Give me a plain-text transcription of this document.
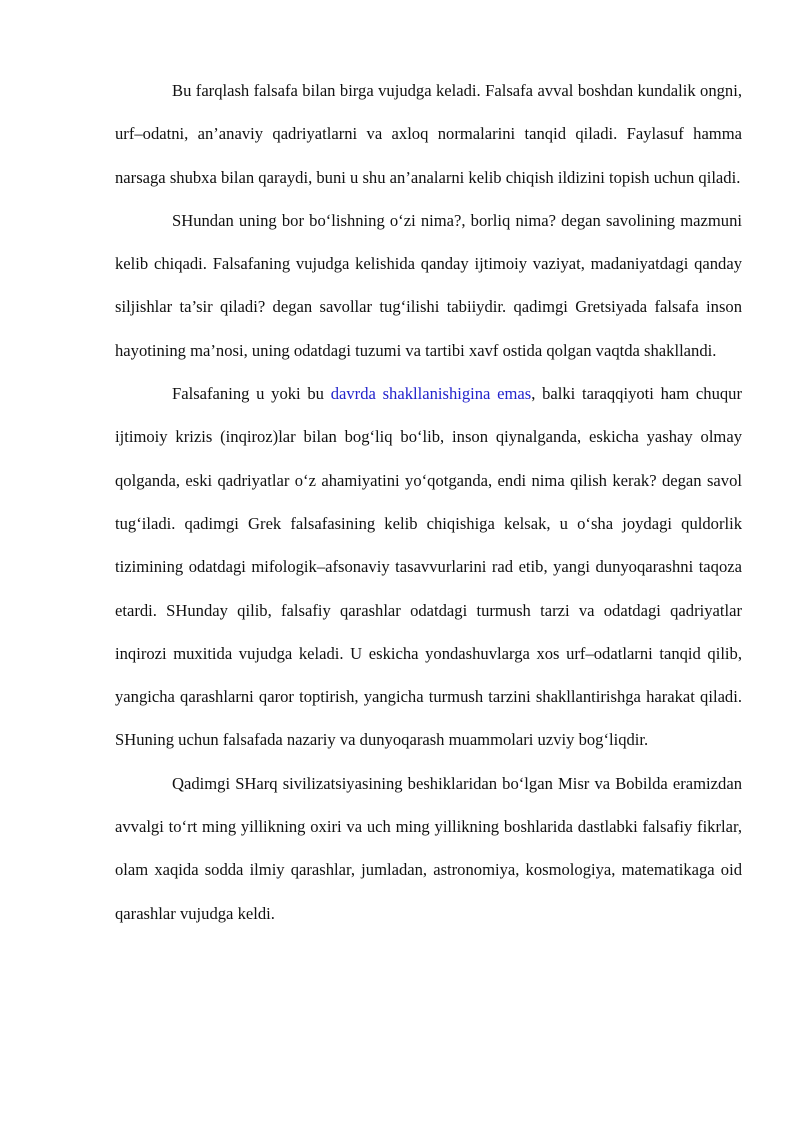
Bu farqlash falsafa bilan birga vujudga keladi. Falsafa avval boshdan kundalik ongni, urf–odatni, an’anaviy qadriyatlarni va axloq normalarini tanqid qiladi. Faylasuf hamma narsaga shubxa bilan qaraydi, buni u shu an’analarni kelib chiqish ildizini topish uchun qiladi.

SHundan uning bor bo‘lishning o‘zi nima?, borliq nima? degan savolining mazmuni kelib chiqadi. Falsafaning vujudga kelishida qanday ijtimoiy vaziyat, madaniyatdagi qanday siljishlar ta’sir qiladi? degan savollar tug‘ilishi tabiiydir. qadimgi Gretsiyada falsafa inson hayotining ma’nosi, uning odatdagi tuzumi va tartibi xavf ostida qolgan vaqtda shakllandi.

Falsafaning u yoki bu davrda shakllanishigina emas, balki taraqqiyoti ham chuqur ijtimoiy krizis (inqiroz)lar bilan bog‘liq bo‘lib, inson qiynalganda, eskicha yashay olmay qolganda, eski qadriyatlar o‘z ahamiyatini yo‘qotganda, endi nima qilish kerak? degan savol tug‘iladi. qadimgi Grek falsafasining kelib chiqishiga kelsak, u o‘sha joydagi quldorlik tizimining odatdagi mifologik–afsonaviy tasavvurlarini rad etib, yangi dunyoqarashni taqoza etardi. SHunday qilib, falsafiy qarashlar odatdagi turmush tarzi va odatdagi qadriyatlar inqirozi muxitida vujudga keladi. U eskicha yondashuvlarga xos urf–odatlarni tanqid qilib, yangicha qarashlarni qaror toptirish, yangicha turmush tarzini shakllantirishga harakat qiladi. SHuning uchun falsafada nazariy va dunyoqarash muammolari uzviy bog‘liqdir.

Qadimgi SHarq sivilizatsiyasining beshiklaridan bo‘lgan Misr va Bobilda eramizdan avvalgi to‘rt ming yillikning oxiri va uch ming yillikning boshlarida dastlabki falsafiy fikrlar, olam xaqida sodda ilmiy qarashlar, jumladan, astronomiya, kosmologiya, matematikaga oid qarashlar vujudga keldi.
